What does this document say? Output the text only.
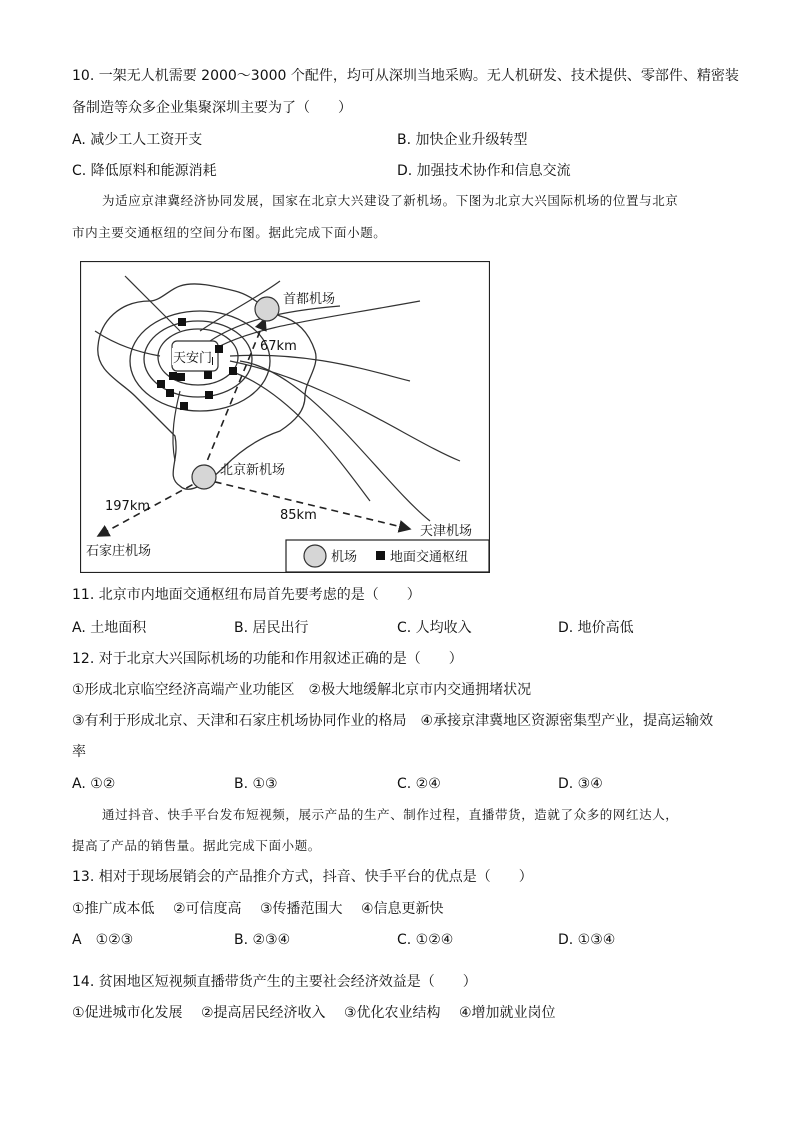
10. 一架无人机需要 2000～3000 个配件，均可从深圳当地采购。无人机研发、技术提供、零部件、精密装
备制造等众多企业集聚深圳主要为了（　　）
A. 减少工人工资开支	B. 加快企业升级转型
C. 降低原料和能源消耗	D. 加强技术协作和信息交流
为适应京津冀经济协同发展，国家在北京大兴建设了新机场。下图为北京大兴国际机场的位置与北京
市内主要交通枢纽的空间分布图。据此完成下面小题。
天安门
首都机场
67km
北京新机场
197km
85km
天津机场
石家庄机场	机场	地面交通枢纽
11. 北京市内地面交通枢纽布局首先要考虑的是（　　）
A. 土地面积	B. 居民出行	C. 人均收入	D. 地价高低
12. 对于北京大兴国际机场的功能和作用叙述正确的是（　　）
①形成北京临空经济高端产业功能区　②极大地缓解北京市内交通拥堵状况
③有利于形成北京、天津和石家庄机场协同作业的格局　④承接京津冀地区资源密集型产业，提高运输效
率
A. ①②	B. ①③	C. ②④	D. ③④
通过抖音、快手平台发布短视频，展示产品的生产、制作过程，直播带货，造就了众多的网红达人，
提高了产品的销售量。据此完成下面小题。
13. 相对于现场展销会的产品推介方式，抖音、快手平台的优点是（　　）
①推广成本低　 ②可信度高　 ③传播范围大　 ④信息更新快
A　①②③	B. ②③④	C. ①②④	D. ①③④
14. 贫困地区短视频直播带货产生的主要社会经济效益是（　　）
①促进城市化发展　 ②提高居民经济收入　 ③优化农业结构　 ④增加就业岗位
